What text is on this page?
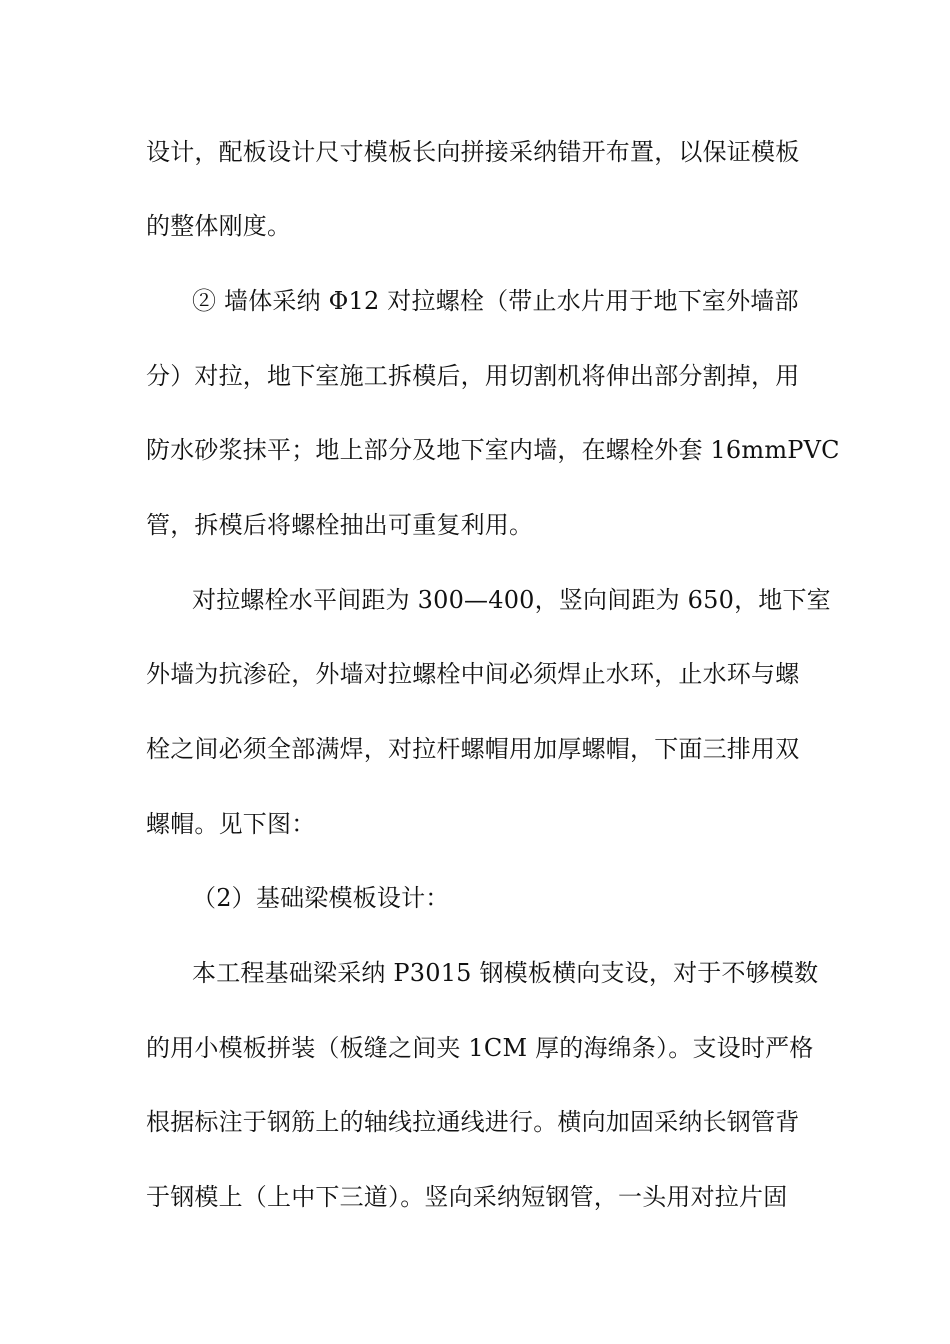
设计，配板设计尺寸模板长向拼接采纳错开布置，以保证模板
的整体刚度。
② 墙体采纳 Φ12 对拉螺栓（带止水片用于地下室外墙部
分）对拉，地下室施工拆模后，用切割机将伸出部分割掉，用
防水砂浆抹平；地上部分及地下室内墙，在螺栓外套 16mmPVC
管，拆模后将螺栓抽出可重复利用。
对拉螺栓水平间距为 300—400，竖向间距为 650，地下室
外墙为抗渗砼，外墙对拉螺栓中间必须焊止水环，止水环与螺
栓之间必须全部满焊，对拉杆螺帽用加厚螺帽，下面三排用双
螺帽。见下图：
（2）基础梁模板设计：
本工程基础梁采纳 P3015 钢模板横向支设，对于不够模数
的用小模板拼装（板缝之间夹 1CM 厚的海绵条）。支设时严格
根据标注于钢筋上的轴线拉通线进行。横向加固采纳长钢管背
于钢模上（上中下三道）。竖向采纳短钢管，一头用对拉片固
